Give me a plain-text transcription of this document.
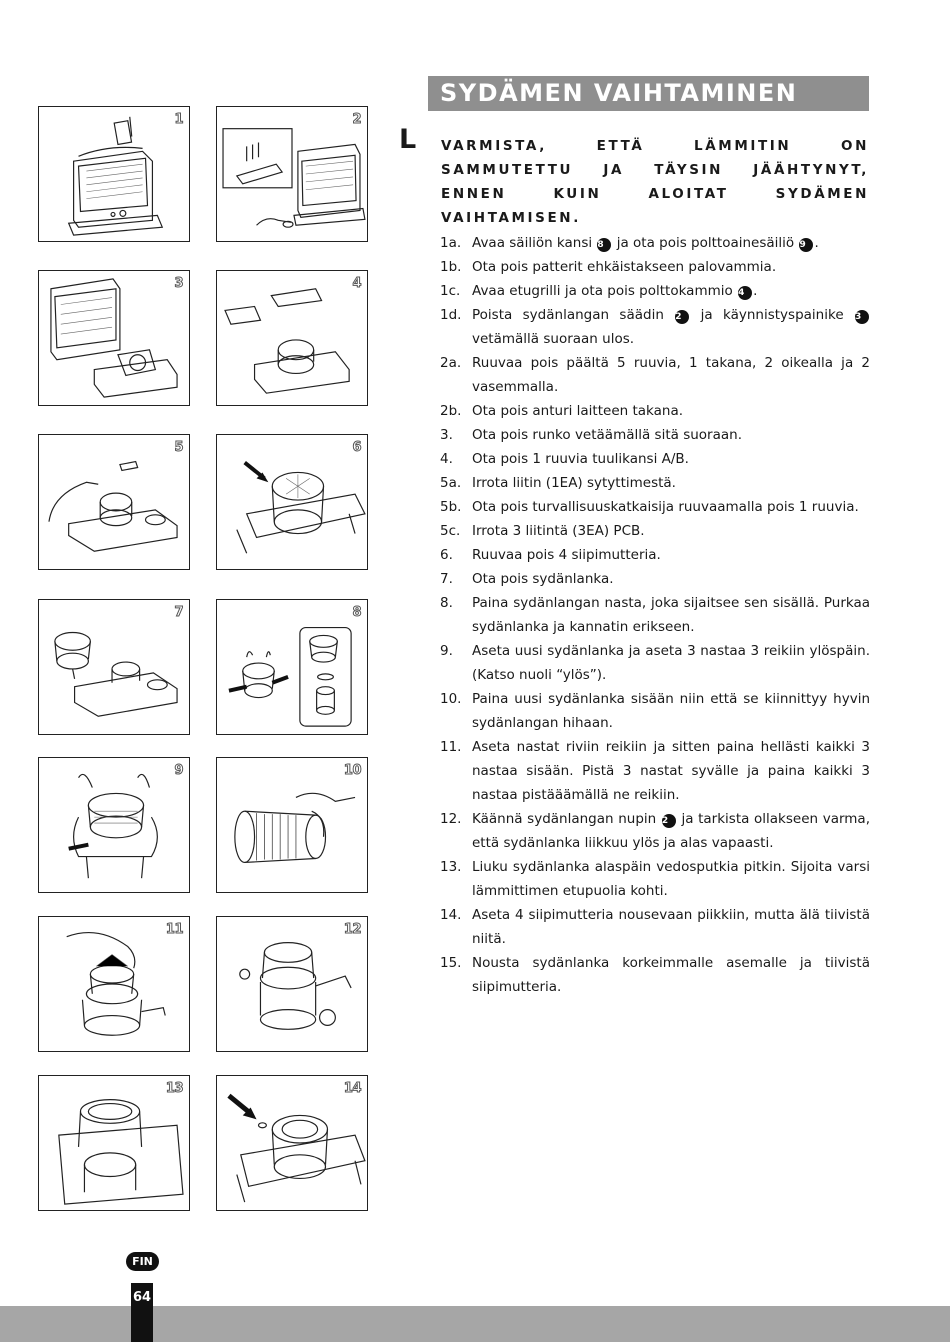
1	2
3	4
5	6
7	8
9	10
11	12
13	14
SYDÄMEN VAIHTAMINEN
L VARMISTA, ETTÄ LÄMMITIN ON SAMMUTETTU JA TÄYSIN JÄÄHTYNYT, ENNEN KUIN ALOITAT SYDÄMEN VAIHTAMISEN.
1a. Avaa säiliön kansi 8 ja ota pois polttoainesäiliö 9 .
1b. Ota pois patterit ehkäistakseen palovammia.
1c. Avaa etugrilli ja ota pois polttokammio 4 .
1d. Poista sydänlangan säädin 2 ja käynnistyspainike 3 vetämällä suoraan ulos.
2a. Ruuvaa pois päältä 5 ruuvia, 1 takana, 2 oikealla ja 2 vasemmalla.
2b. Ota pois anturi laitteen takana.
3. Ota pois runko vetäämällä sitä suoraan.
4. Ota pois 1 ruuvia tuulikansi A/B.
5a. Irrota liitin (1EA) sytyttimestä.
5b. Ota pois turvallisuuskatkaisija ruuvaamalla pois 1 ruuvia.
5c. Irrota 3 liitintä (3EA) PCB.
6. Ruuvaa pois 4 siipimutteria.
7. Ota pois sydänlanka.
8. Paina sydänlangan nasta, joka sijaitsee sen sisällä. Purkaa sydänlanka ja kannatin erikseen.
9. Aseta uusi sydänlanka ja aseta 3 nastaa 3 reikiin ylöspäin. (Katso nuoli “ylös”).
10. Paina uusi sydänlanka sisään niin että se kiinnittyy hyvin sydänlangan hihaan.
11. Aseta nastat riviin reikiin ja sitten paina hellästi kaikki 3 nastaa sisään. Pistä 3 nastat syvälle ja paina kaikki 3 nastaa pistääämällä ne reikiin.
12. Käännä sydänlangan nupin 2 ja tarkista ollakseen varma, että sydänlanka liikkuu ylös ja alas vapaasti.
13. Liuku sydänlanka alaspäin vedosputkia pitkin. Sijoita varsi lämmittimen etupuolia kohti.
14. Aseta 4 siipimutteria nousevaan piikkiin, mutta älä tiivistä niitä.
15. Nousta sydänlanka korkeimmalle asemalle ja tiivistä siipimutteria.
FIN
64
